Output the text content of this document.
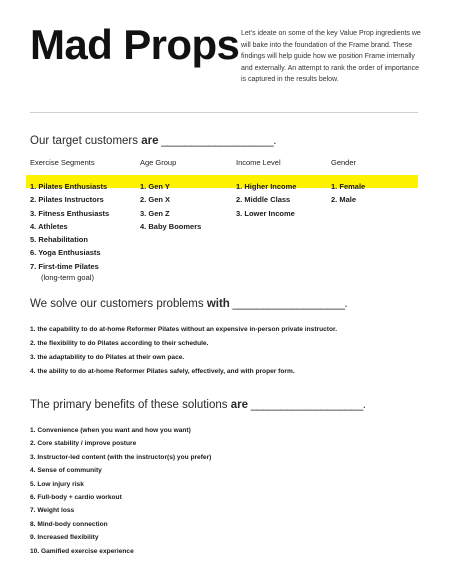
Mad Props Let's ideate on some of the key Value Prop ingredients we will bake into the foundation of the Frame brand. These findings will help guide how we position Frame internally and externally. An attempt to rank the order of importance is captured in the results below.

Our target customers are ___________________.
Exercise Segments
1. Pilates Enthusiasts
2. Pilates Instructors
3. Fitness Enthusiasts
4. Athletes
5. Rehabilitation
6. Yoga Enthusiasts
7. First-time Pilates
(long-term goal)
Age Group
1. Gen Y
2. Gen X
3. Gen Z
4. Baby Boomers
Income Level
1. Higher Income
2. Middle Class
3. Lower Income
Gender
1. Female
2. Male
We solve our customers problems with ___________________.
1. the capability to do at-home Reformer Pilates without an expensive in-person private instructor.
2. the flexibility to do Pilates according to their schedule.
3. the adaptability to do Pilates at their own pace.
4. the ability to do at-home Reformer Pilates safely, effectively, and with proper form.
The primary benefits of these solutions are ___________________.
1. Convenience (when you want and how you want)
2. Core stability / improve posture
3. Instructor-led content (with the instructor(s) you prefer)
4. Sense of community
5. Low injury risk
6. Full-body + cardio workout
7. Weight loss
8. Mind-body connection
9. Increased flexibility
10. Gamified exercise experience
